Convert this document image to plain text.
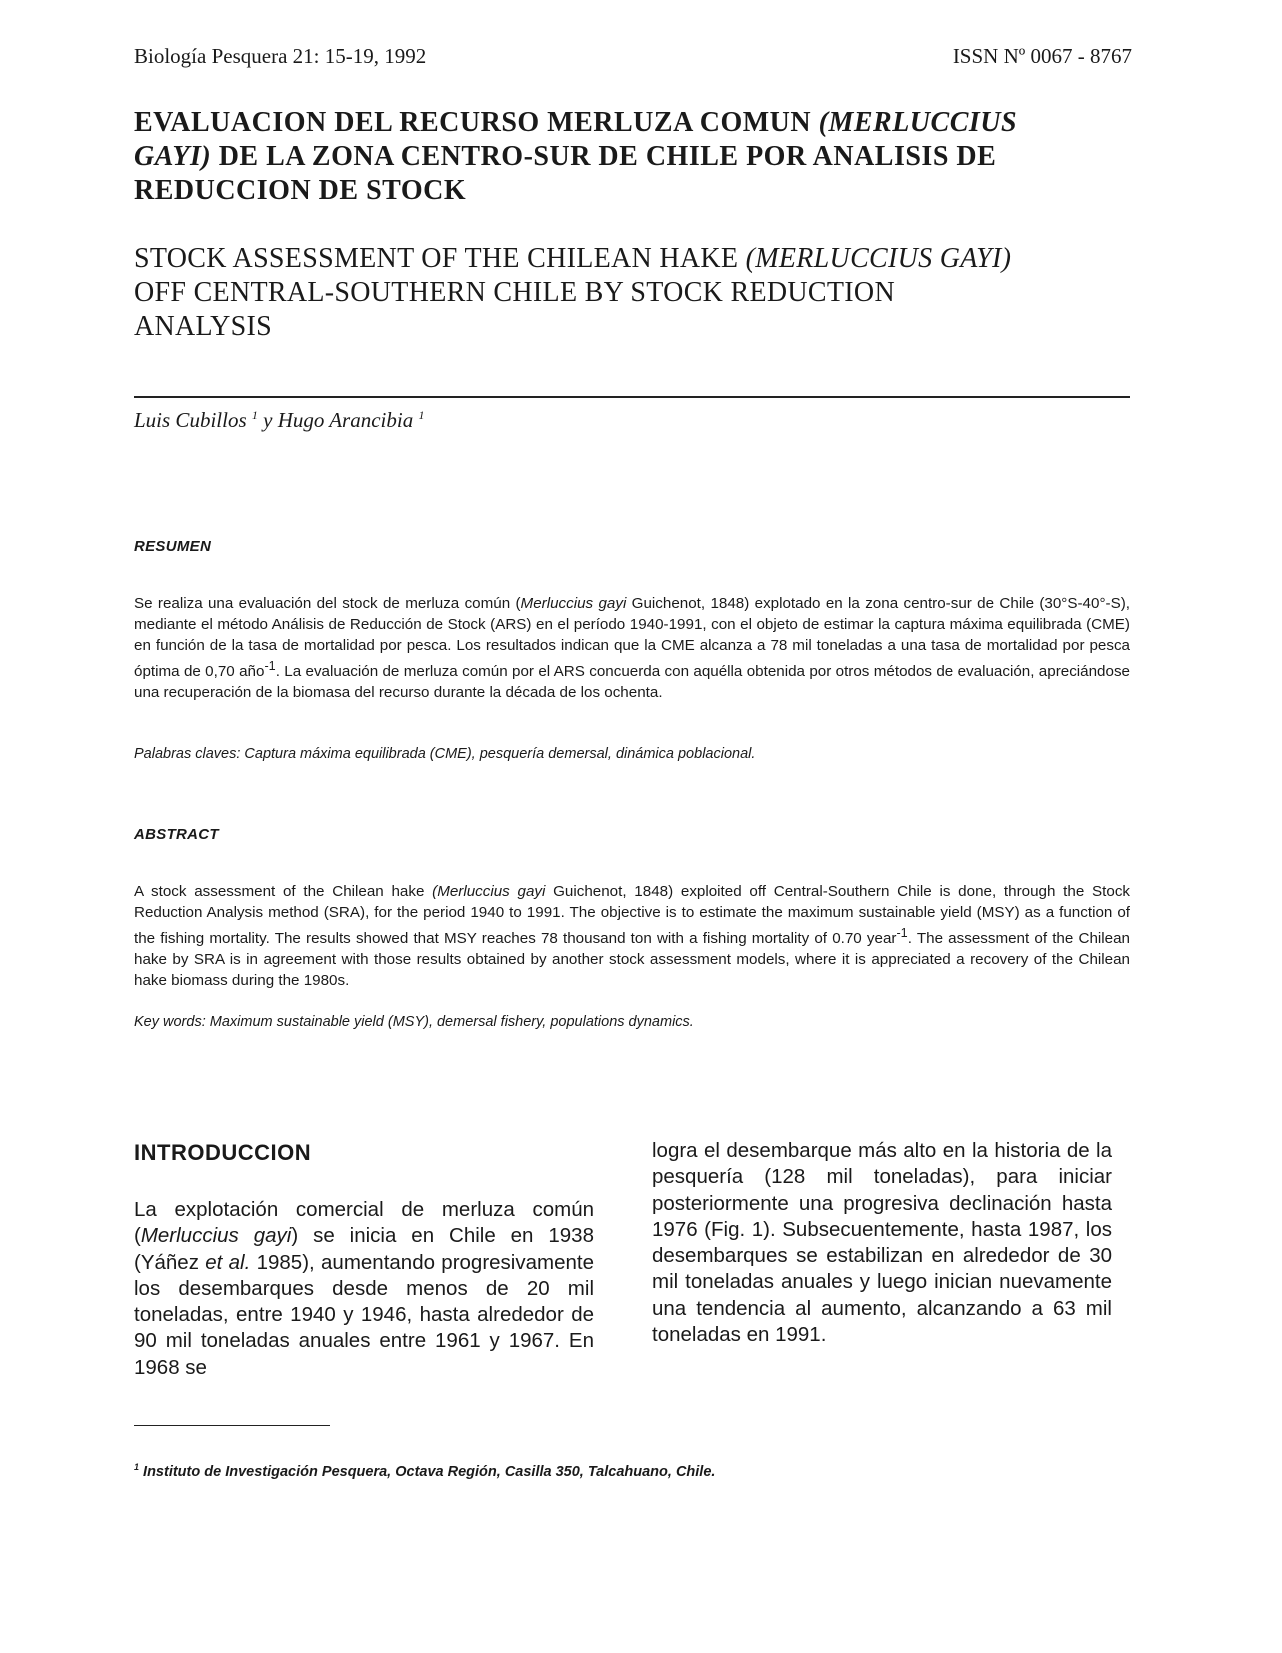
Biología Pesquera 21: 15-19, 1992	ISSN Nº 0067 - 8767
EVALUACION DEL RECURSO MERLUZA COMUN (MERLUCCIUS
GAYI) DE LA ZONA CENTRO-SUR DE CHILE POR ANALISIS DE
REDUCCION DE STOCK
STOCK ASSESSMENT OF THE CHILEAN HAKE (MERLUCCIUS GAYI)
OFF CENTRAL-SOUTHERN CHILE BY STOCK REDUCTION
ANALYSIS
Luis Cubillos $^1$ y Hugo Arancibia $^1$
RESUMEN
Se realiza una evaluación del stock de merluza común (Merluccius gayi Guichenot, 1848) explotado en la zona centro-sur de Chile (30°S-40°-S), mediante el método Análisis de Reducción de Stock (ARS) en el período 1940-1991, con el objeto de estimar la captura máxima equilibrada (CME) en función de la tasa de mortalidad por pesca. Los resultados indican que la CME alcanza a 78 mil toneladas a una tasa de mortalidad por pesca óptima de 0,70 año$^{-1}$. La evaluación de merluza común por el ARS concuerda con aquélla obtenida por otros métodos de evaluación, apreciándose una recuperación de la biomasa del recurso durante la década de los ochenta.
Palabras claves: Captura máxima equilibrada (CME), pesquería demersal, dinámica poblacional.
ABSTRACT
A stock assessment of the Chilean hake (Merluccius gayi Guichenot, 1848) exploited off Central-Southern Chile is done, through the Stock Reduction Analysis method (SRA), for the period 1940 to 1991. The objective is to estimate the maximum sustainable yield (MSY) as a function of the fishing mortality. The results showed that MSY reaches 78 thousand ton with a fishing mortality of 0.70 year$^{-1}$. The assessment of the Chilean hake by SRA is in agreement with those results obtained by another stock assessment models, where it is appreciated a recovery of the Chilean hake biomass during the 1980s.
Key words: Maximum sustainable yield (MSY), demersal fishery, populations dynamics.
INTRODUCCION
La explotación comercial de merluza común (Merluccius gayi) se inicia en Chile en 1938 (Yáñez et al. 1985), aumentando progresivamente los desembarques desde menos de 20 mil toneladas, entre 1940 y 1946, hasta alrededor de 90 mil toneladas anuales entre 1961 y 1967. En 1968 se
logra el desembarque más alto en la historia de la pesquería (128 mil toneladas), para iniciar posteriormente una progresiva declinación hasta 1976 (Fig. 1). Subsecuentemente, hasta 1987, los desembarques se estabilizan en alrededor de 30 mil toneladas anuales y luego inician nuevamente una tendencia al aumento, alcanzando a 63 mil toneladas en 1991.
$^1$ Instituto de Investigación Pesquera, Octava Región, Casilla 350, Talcahuano, Chile.
